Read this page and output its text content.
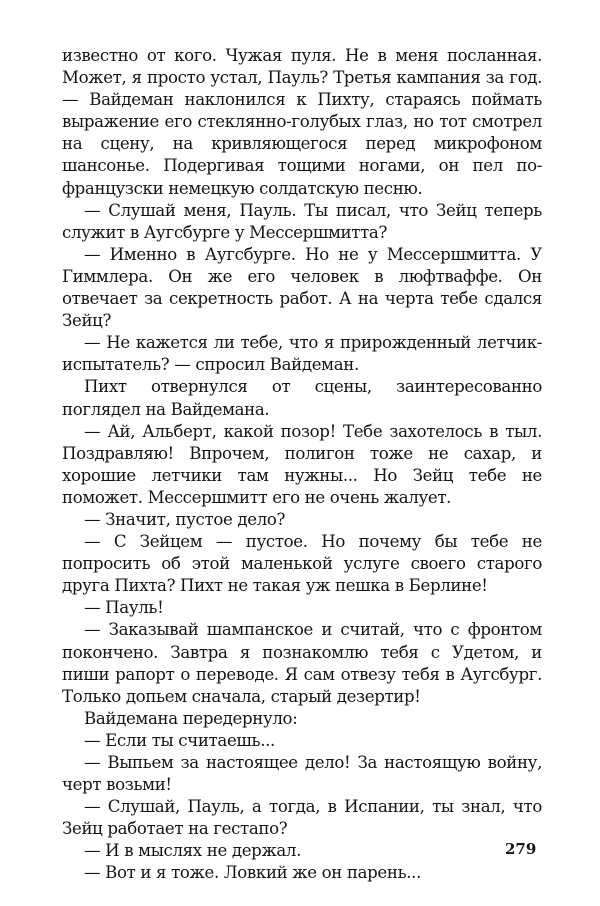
известно от кого. Чужая пуля. Не в меня посланная. Может, я просто устал, Пауль? Третья кампания за год. — Вайдеман наклонился к Пихту, стараясь поймать выражение его стеклянно-голубых глаз, но тот смотрел на сцену, на кривляющегося перед микрофоном шансонье. Подергивая тощими ногами, он пел по-французски немецкую солдатскую песню.

— Слушай меня, Пауль. Ты писал, что Зейц теперь служит в Аугсбурге у Мессершмитта?

— Именно в Аугсбурге. Но не у Мессершмитта. У Гиммлера. Он же его человек в люфтваффе. Он отвечает за секретность работ. А на черта тебе сдался Зейц?

— Не кажется ли тебе, что я прирожденный летчик-испытатель? — спросил Вайдеман.

Пихт отвернулся от сцены, заинтересованно поглядел на Вайдемана.

— Ай, Альберт, какой позор! Тебе захотелось в тыл. Поздравляю! Впрочем, полигон тоже не сахар, и хорошие летчики там нужны... Но Зейц тебе не поможет. Мессершмитт его не очень жалует.

— Значит, пустое дело?

— С Зейцем — пустое. Но почему бы тебе не попросить об этой маленькой услуге своего старого друга Пихта? Пихт не такая уж пешка в Берлине!

— Пауль!

— Заказывай шампанское и считай, что с фронтом покончено. Завтра я познакомлю тебя с Удетом, и пиши рапорт о переводе. Я сам отвезу тебя в Аугсбург. Только допьем сначала, старый дезертир!

Вайдемана передернуло:

— Если ты считаешь...

— Выпьем за настоящее дело! За настоящую войну, черт возьми!

— Слушай, Пауль, а тогда, в Испании, ты знал, что Зейц работает на гестапо?

— И в мыслях не держал.

— Вот и я тоже. Ловкий же он парень...

279
